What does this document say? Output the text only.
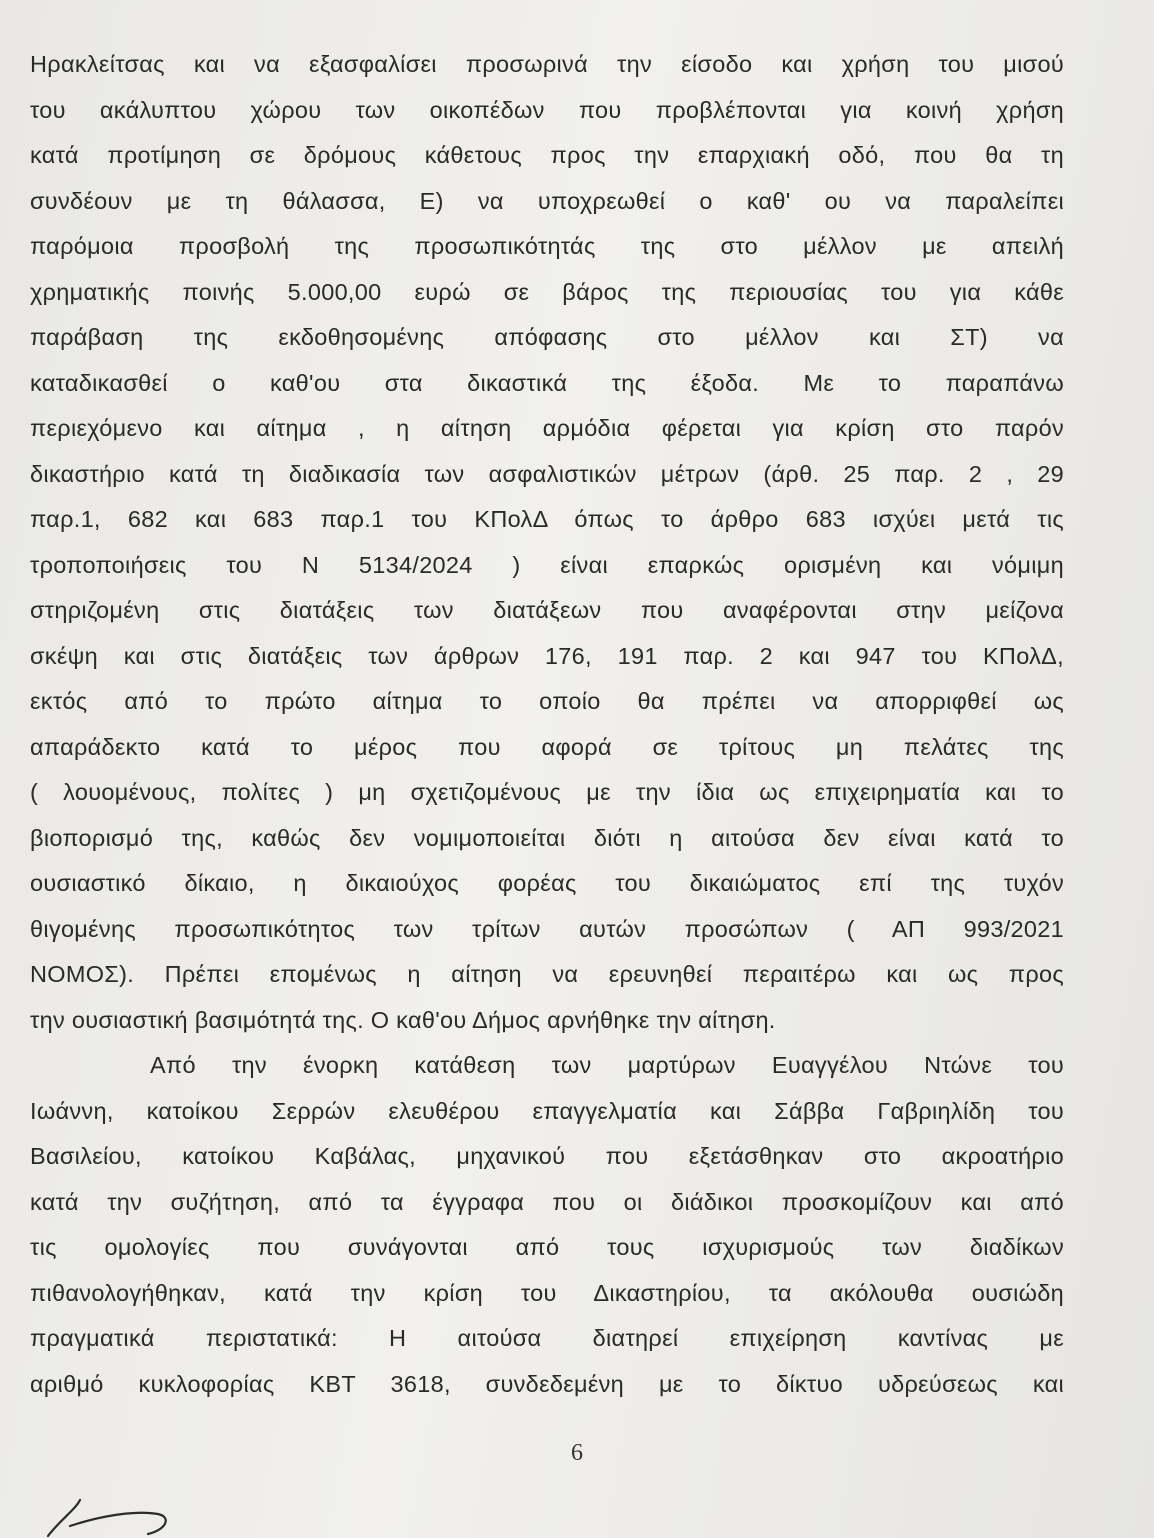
Ηρακλείτσας και να εξασφαλίσει προσωρινά την είσοδο και χρήση του μισού
του ακάλυπτου χώρου των οικοπέδων που προβλέπονται για κοινή χρήση
κατά προτίμηση σε δρόμους κάθετους προς την επαρχιακή οδό, που θα τη
συνδέουν με τη θάλασσα, Ε) να υποχρεωθεί ο καθ' ου να παραλείπει
παρόμοια προσβολή της προσωπικότητάς της στο μέλλον με απειλή
χρηματικής ποινής 5.000,00 ευρώ σε βάρος της περιουσίας του για κάθε
παράβαση της εκδοθησομένης απόφασης στο μέλλον και ΣΤ) να
καταδικασθεί ο καθ'ου στα δικαστικά της έξοδα. Με το παραπάνω
περιεχόμενο και αίτημα , η αίτηση αρμόδια φέρεται για κρίση στο παρόν
δικαστήριο κατά τη διαδικασία των ασφαλιστικών μέτρων (άρθ. 25 παρ. 2 , 29
παρ.1, 682 και 683 παρ.1 του ΚΠολΔ όπως το άρθρο 683 ισχύει μετά τις
τροποποιήσεις του Ν 5134/2024 ) είναι επαρκώς ορισμένη και νόμιμη
στηριζομένη στις διατάξεις των διατάξεων που αναφέρονται στην μείζονα
σκέψη και στις διατάξεις των άρθρων 176, 191 παρ. 2 και 947 του ΚΠολΔ,
εκτός από το πρώτο αίτημα το οποίο θα πρέπει να απορριφθεί ως
απαράδεκτο κατά το μέρος που αφορά σε τρίτους μη πελάτες της
( λουομένους, πολίτες ) μη σχετιζομένους με την ίδια ως επιχειρηματία και το
βιοπορισμό της, καθώς δεν νομιμοποιείται διότι η αιτούσα δεν είναι κατά το
ουσιαστικό δίκαιο, η δικαιούχος φορέας του δικαιώματος επί της τυχόν
θιγομένης προσωπικότητος των τρίτων αυτών προσώπων ( ΑΠ 993/2021
ΝΟΜΟΣ). Πρέπει επομένως η αίτηση να ερευνηθεί περαιτέρω και ως προς
την ουσιαστική βασιμότητά της. Ο καθ'ου Δήμος αρνήθηκε την αίτηση.
Από την ένορκη κατάθεση των μαρτύρων Ευαγγέλου Ντώνε του
Ιωάννη, κατοίκου Σερρών ελευθέρου επαγγελματία και Σάββα Γαβριηλίδη του
Βασιλείου, κατοίκου Καβάλας, μηχανικού που εξετάσθηκαν στο ακροατήριο
κατά την συζήτηση, από τα έγγραφα που οι διάδικοι προσκομίζουν και από
τις ομολογίες που συνάγονται από τους ισχυρισμούς των διαδίκων
πιθανολογήθηκαν, κατά την κρίση του Δικαστηρίου, τα ακόλουθα ουσιώδη
πραγματικά περιστατικά: Η αιτούσα διατηρεί επιχείρηση καντίνας με
αριθμό κυκλοφορίας ΚΒΤ 3618, συνδεδεμένη με το δίκτυο υδρεύσεως και
6
